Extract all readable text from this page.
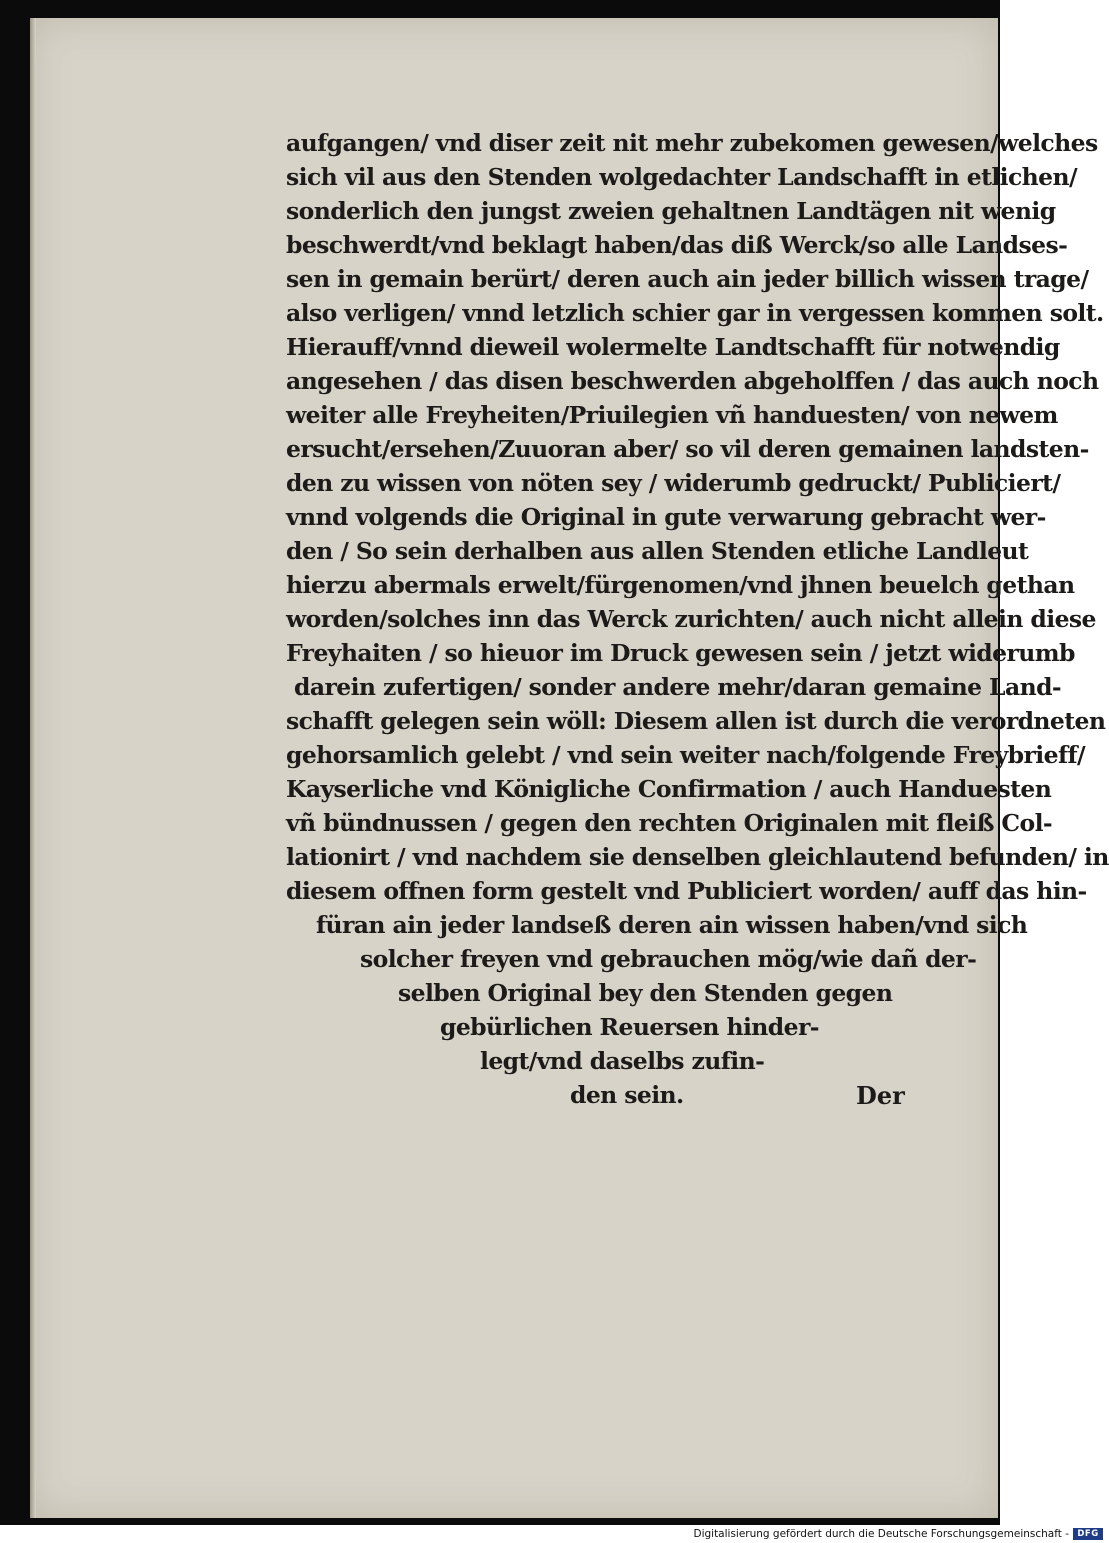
aufgangen/ vnd diser zeit nit mehr zubekomen gewesen/welches
sich vil aus den Stenden wolgedachter Landschafft in etlichen/
sonderlich den jungst zweien gehaltnen Landtägen nit wenig
beschwerdt/vnd beklagt haben/das diß Werck/so alle Landses-
sen in gemain berürt/ deren auch ain jeder billich wissen trage/
also verligen/ vnnd letzlich schier gar in vergessen kommen solt.
Hierauff/vnnd dieweil wolermelte Landtschafft für notwendig
angesehen / das disen beschwerden abgeholffen / das auch noch
weiter alle Freyheiten/Priuilegien vñ handuesten/ von newem
ersucht/ersehen/Zuuoran aber/ so vil deren gemainen landsten-
den zu wissen von nöten sey / widerumb gedruckt/ Publiciert/
vnnd volgends die Original in gute verwarung gebracht wer-
den / So sein derhalben aus allen Stenden etliche Landleut
hierzu abermals erwelt/fürgenomen/vnd jhnen beuelch gethan
worden/solches inn das Werck zurichten/ auch nicht allein diese
Freyhaiten / so hieuor im Druck gewesen sein / jetzt widerumb
darein zufertigen/ sonder andere mehr/daran gemaine Land-
schafft gelegen sein wöll: Diesem allen ist durch die verordneten
gehorsamlich gelebt / vnd sein weiter nach/folgende Freybrieff/
Kayserliche vnd Königliche Confirmation / auch Handuesten
vñ bündnussen / gegen den rechten Originalen mit fleiß Col-
lationirt / vnd nachdem sie denselben gleichlautend befunden/ in
diesem offnen form gestelt vnd Publiciert worden/ auff das hin-
füran ain jeder landseß deren ain wissen haben/vnd sich
solcher freyen vnd gebrauchen mög/wie dañ der-
selben Original bey den Stenden gegen
gebürlichen Reuersen hinder-
legt/vnd daselbs zufin-
den sein.	Der
Digitalisierung gefördert durch die Deutsche Forschungsgemeinschaft - DFG
